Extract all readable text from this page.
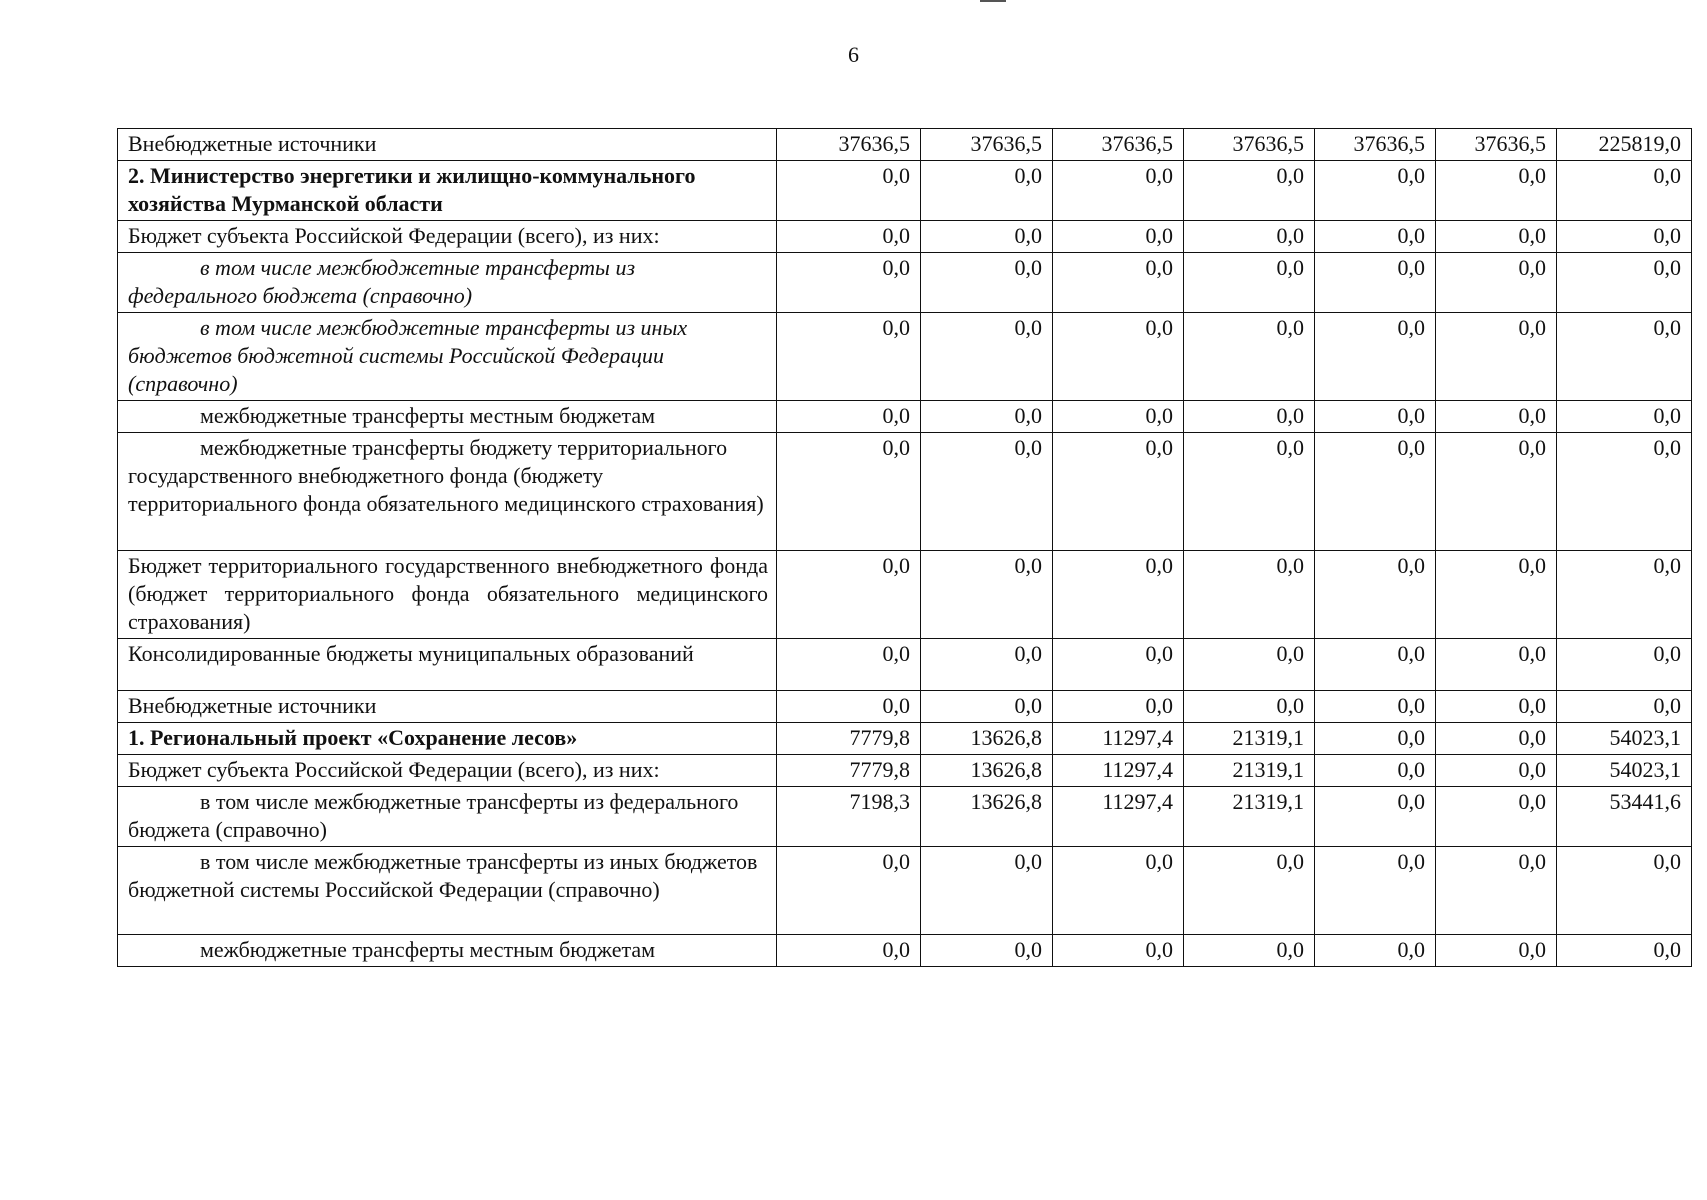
6
Внебюджетные источники	37636,5	37636,5	37636,5	37636,5	37636,5	37636,5	225819,0
2. Министерство энергетики и жилищно-коммунального хозяйства Мурманской области	0,0	0,0	0,0	0,0	0,0	0,0	0,0
Бюджет субъекта Российской Федерации (всего), из них:	0,0	0,0	0,0	0,0	0,0	0,0	0,0
в том числе межбюджетные трансферты из федерального бюджета (справочно)	0,0	0,0	0,0	0,0	0,0	0,0	0,0
в том числе межбюджетные трансферты из иных бюджетов бюджетной системы Российской Федерации (справочно)	0,0	0,0	0,0	0,0	0,0	0,0	0,0
межбюджетные трансферты местным бюджетам	0,0	0,0	0,0	0,0	0,0	0,0	0,0
межбюджетные трансферты бюджету территориального государственного внебюджетного фонда (бюджету территориального фонда обязательного медицинского страхования)	0,0	0,0	0,0	0,0	0,0	0,0	0,0
Бюджет территориального государственного внебюджетного фонда (бюджет территориального фонда обязательного медицинского страхования)	0,0	0,0	0,0	0,0	0,0	0,0	0,0
Консолидированные бюджеты муниципальных образований	0,0	0,0	0,0	0,0	0,0	0,0	0,0
Внебюджетные источники	0,0	0,0	0,0	0,0	0,0	0,0	0,0
1. Региональный проект «Сохранение лесов»	7779,8	13626,8	11297,4	21319,1	0,0	0,0	54023,1
Бюджет субъекта Российской Федерации (всего), из них:	7779,8	13626,8	11297,4	21319,1	0,0	0,0	54023,1
в том числе межбюджетные трансферты из федерального бюджета (справочно)	7198,3	13626,8	11297,4	21319,1	0,0	0,0	53441,6
в том числе межбюджетные трансферты из иных бюджетов бюджетной системы Российской Федерации (справочно)	0,0	0,0	0,0	0,0	0,0	0,0	0,0
межбюджетные трансферты местным бюджетам	0,0	0,0	0,0	0,0	0,0	0,0	0,0
